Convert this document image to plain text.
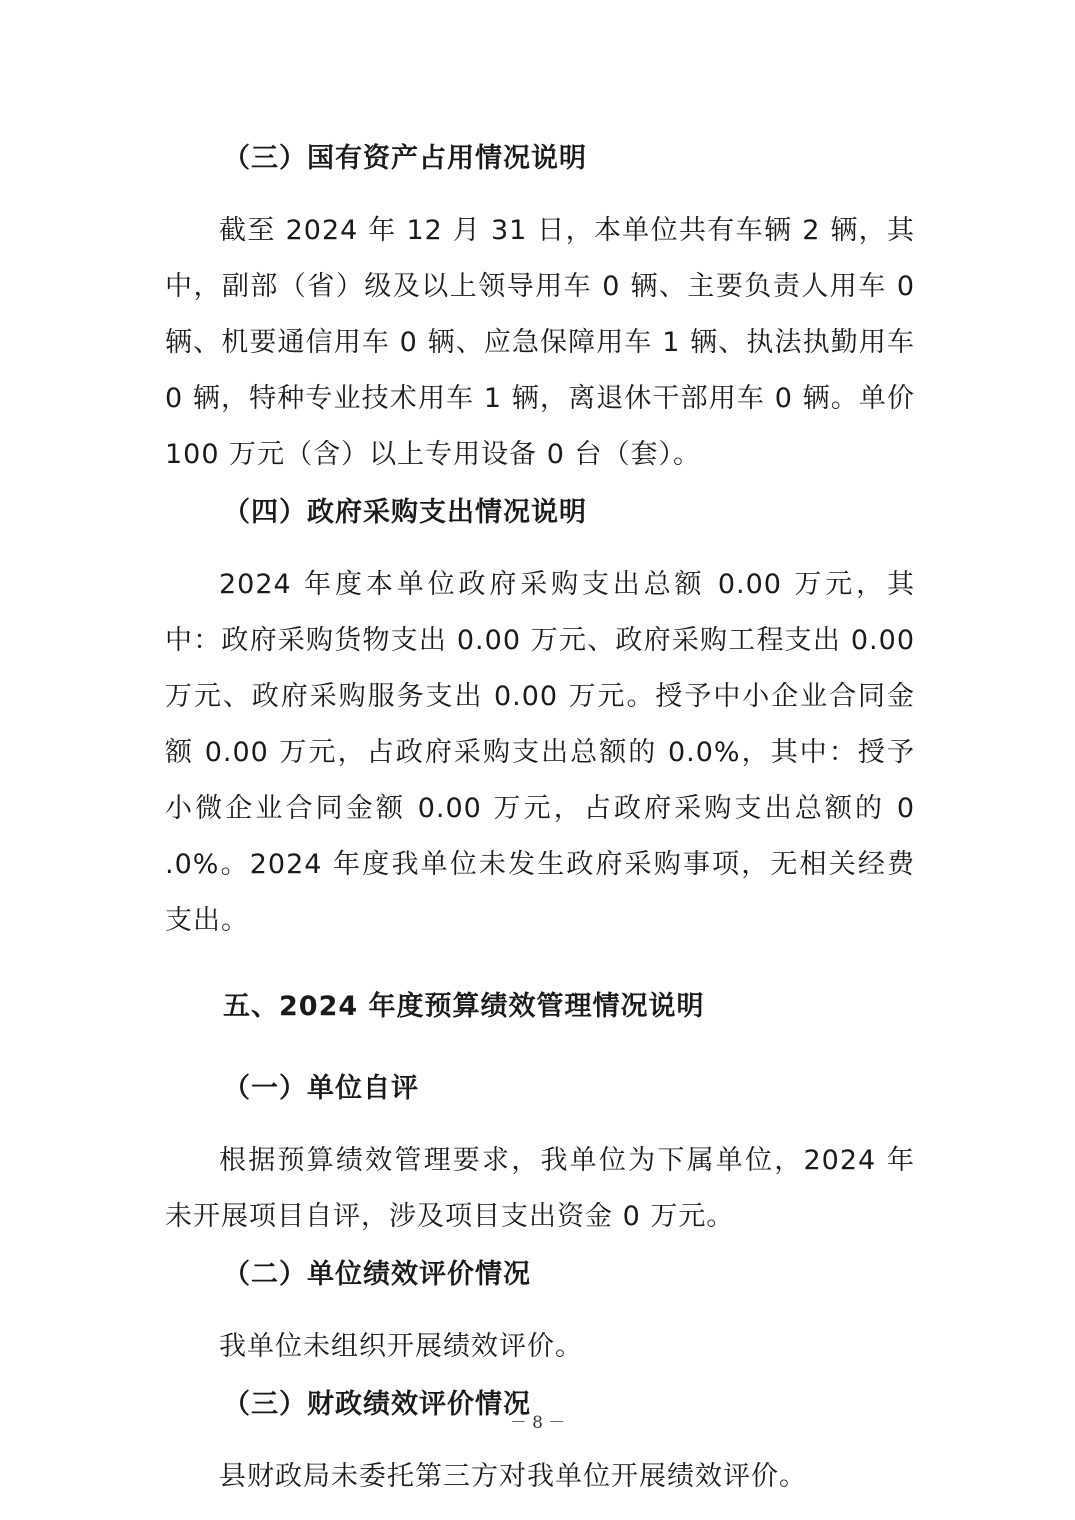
（三）国有资产占用情况说明

截至 2024 年 12 月 31 日，本单位共有车辆 2 辆，其中，副部（省）级及以上领导用车 0 辆、主要负责人用车 0 辆、机要通信用车 0 辆、应急保障用车 1 辆、执法执勤用车 0 辆，特种专业技术用车 1 辆，离退休干部用车 0 辆。单价 100 万元（含）以上专用设备 0 台（套）。

（四）政府采购支出情况说明

2024 年度本单位政府采购支出总额 0.00 万元，其中：政府采购货物支出 0.00 万元、政府采购工程支出 0.00 万元、政府采购服务支出 0.00 万元。授予中小企业合同金额 0.00 万元，占政府采购支出总额的 0.0%，其中：授予小微企业合同金额 0.00 万元，占政府采购支出总额的 0 .0%。2024 年度我单位未发生政府采购事项，无相关经费支出。

五、2024 年度预算绩效管理情况说明

（一）单位自评

根据预算绩效管理要求，我单位为下属单位，2024 年未开展项目自评，涉及项目支出资金 0 万元。

（二）单位绩效评价情况

我单位未组织开展绩效评价。

（三）财政绩效评价情况

县财政局未委托第三方对我单位开展绩效评价。

－ 8 －
